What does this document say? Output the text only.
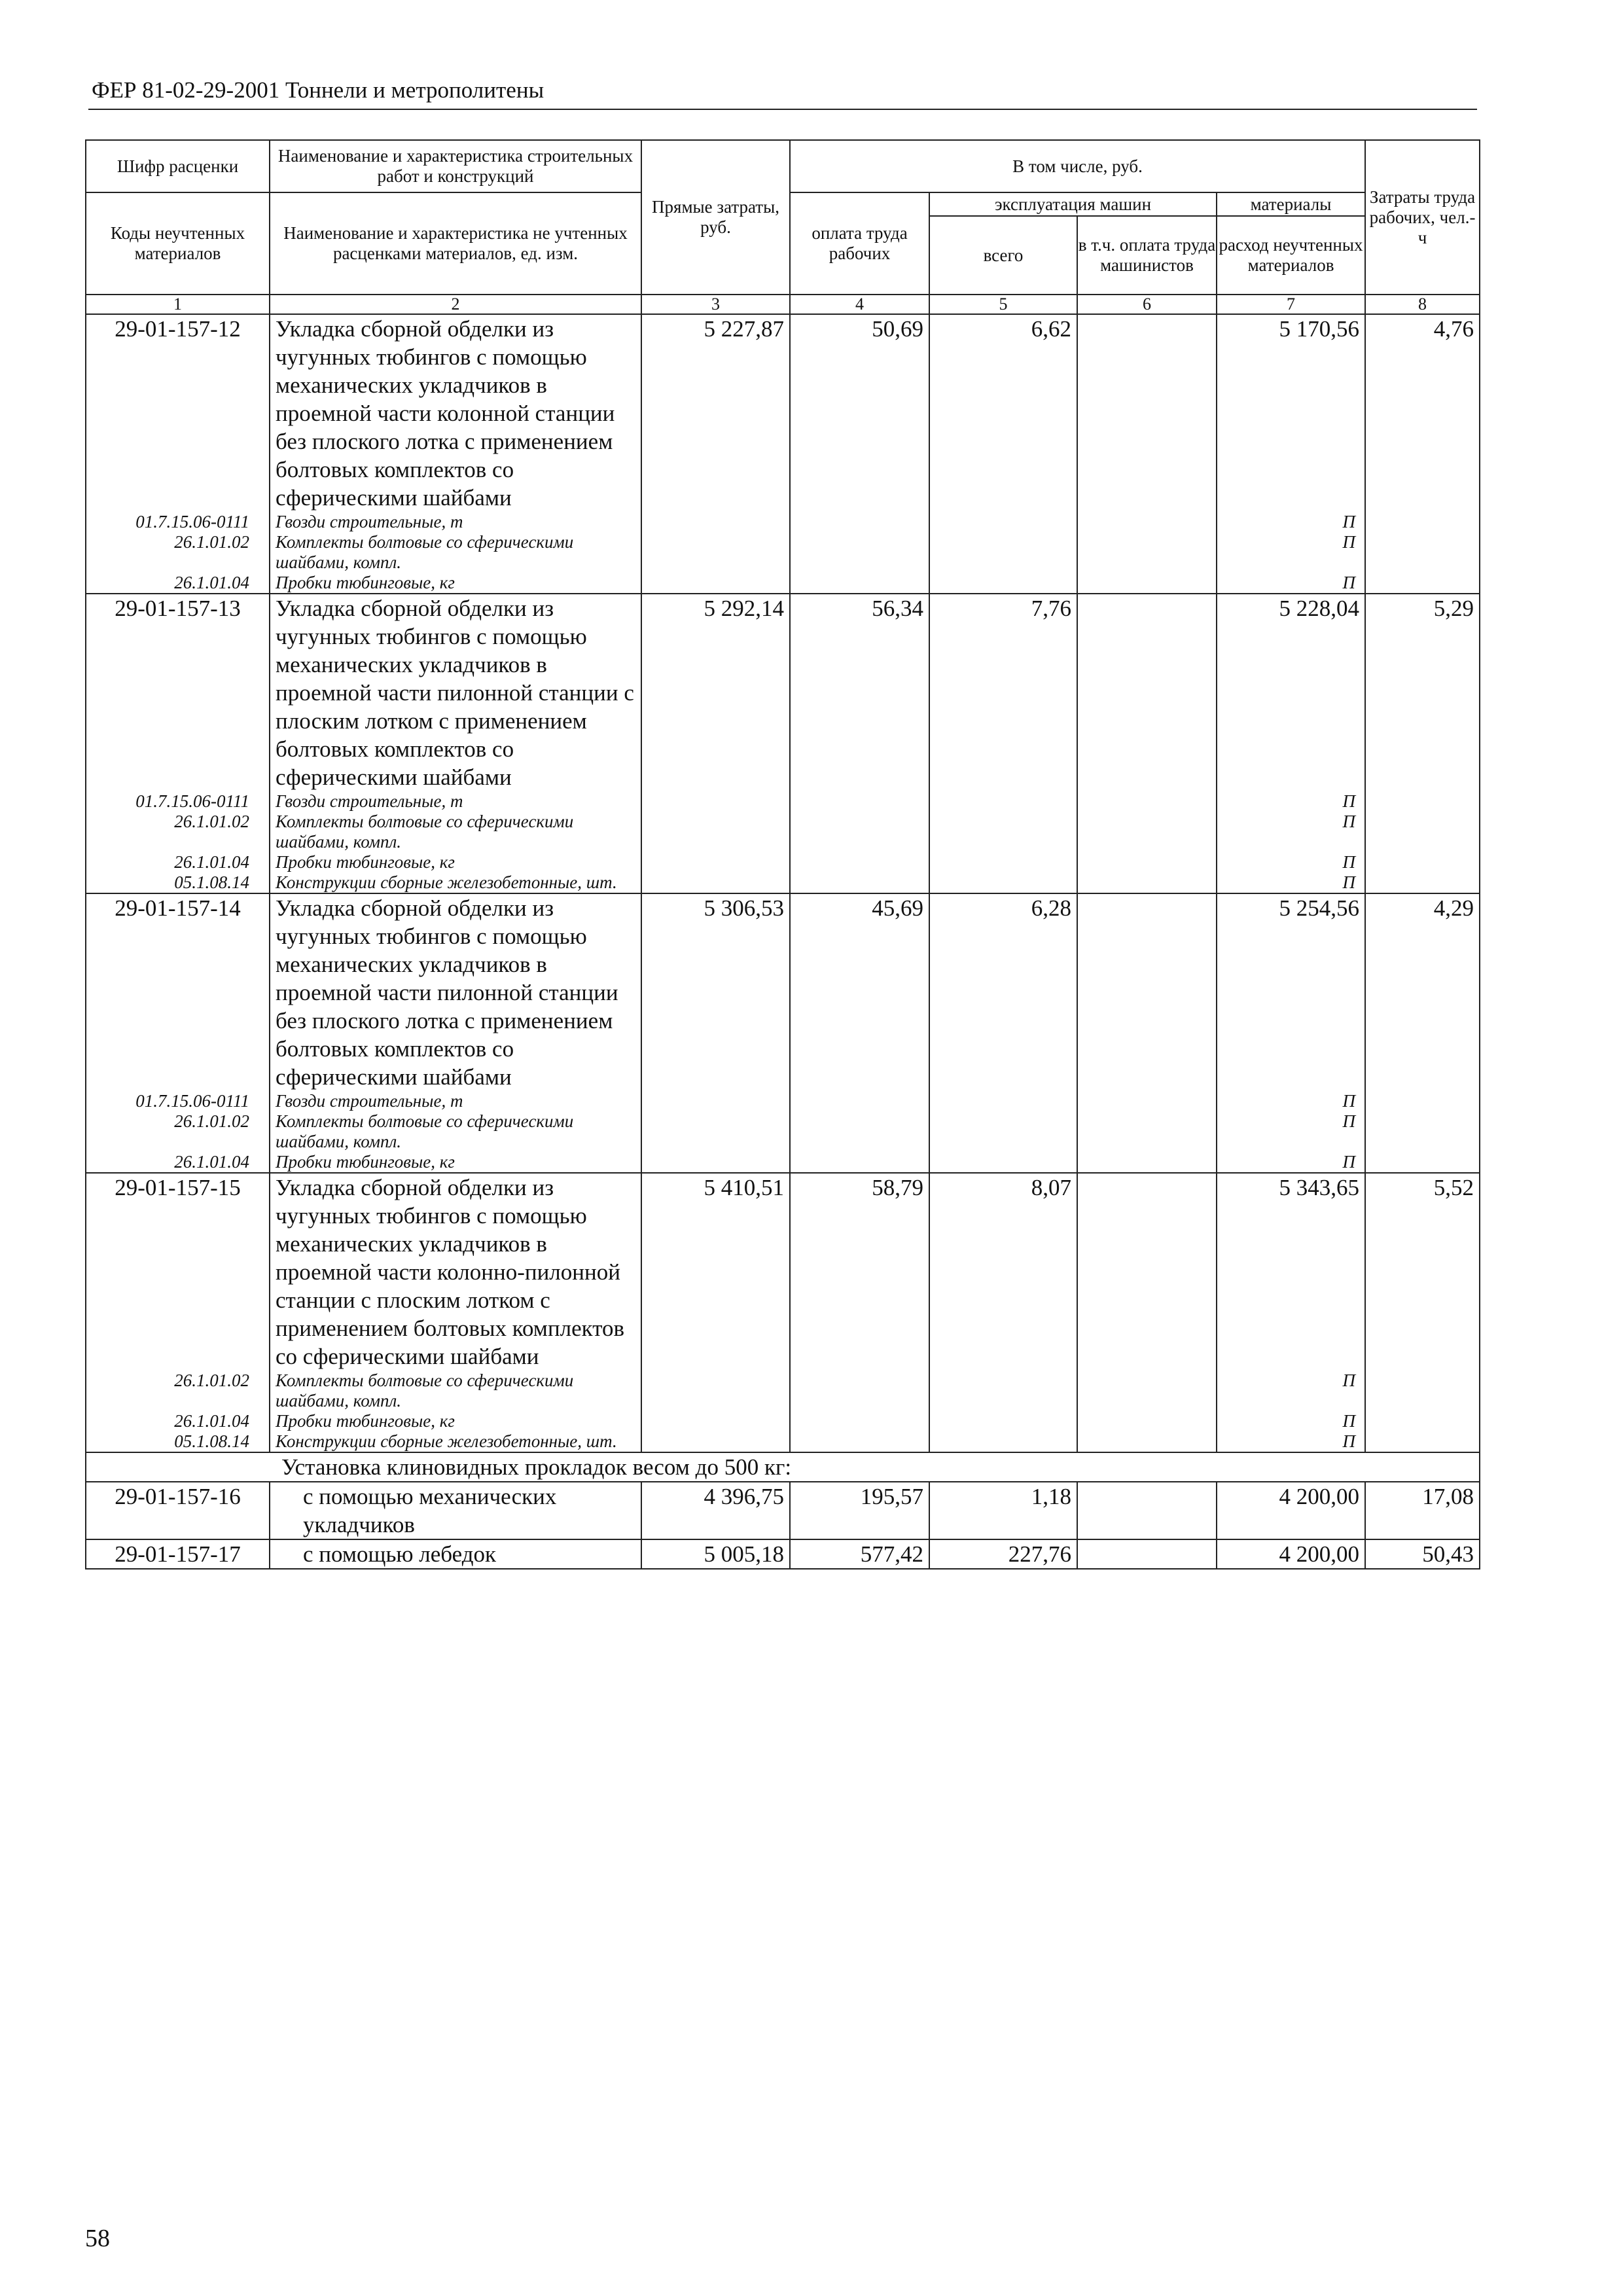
ФЕР 81-02-29-2001 Тоннели и метрополитены
Шифр расценки	Наименование и характеристика строительных работ и конструкций	Прямые затраты, руб.	В том числе, руб.				Затраты труда рабочих, чел.-ч
Коды неучтенных материалов	Наименование и характеристика не учтенных расценками материалов, ед. изм.		оплата труда рабочих	эксплуатация машин		материалы	
				всего	в т.ч. оплата труда машинистов	расход неучтенных материалов	
1	2	3	4	5	6	7	8
29-01-157-12	Укладка сборной обделки из чугунных тюбингов с помощью механических укладчиков в проемной части колонной станции без плоского лотка с применением болтовых комплектов со сферическими шайбами	5 227,87	50,69	6,62		5 170,56	4,76
01.7.15.06-0111	Гвозди строительные, т					П	
26.1.01.02	Комплекты болтовые со сферическими шайбами, компл.					П	
26.1.01.04	Пробки тюбинговые, кг					П	
29-01-157-13	Укладка сборной обделки из чугунных тюбингов с помощью механических укладчиков в проемной части пилонной станции с плоским лотком с применением болтовых комплектов со сферическими шайбами	5 292,14	56,34	7,76		5 228,04	5,29
01.7.15.06-0111	Гвозди строительные, т					П	
26.1.01.02	Комплекты болтовые со сферическими шайбами, компл.					П	
26.1.01.04	Пробки тюбинговые, кг					П	
05.1.08.14	Конструкции сборные железобетонные, шт.					П	
29-01-157-14	Укладка сборной обделки из чугунных тюбингов с помощью механических укладчиков в проемной части пилонной станции без плоского лотка с применением болтовых комплектов со сферическими шайбами	5 306,53	45,69	6,28		5 254,56	4,29
01.7.15.06-0111	Гвозди строительные, т					П	
26.1.01.02	Комплекты болтовые со сферическими шайбами, компл.					П	
26.1.01.04	Пробки тюбинговые, кг					П	
29-01-157-15	Укладка сборной обделки из чугунных тюбингов с помощью механических укладчиков в проемной части колонно-пилонной станции с плоским лотком с применением болтовых комплектов со сферическими шайбами	5 410,51	58,79	8,07		5 343,65	5,52
26.1.01.02	Комплекты болтовые со сферическими шайбами, компл.					П	
26.1.01.04	Пробки тюбинговые, кг					П	
05.1.08.14	Конструкции сборные железобетонные, шт.					П	
Установка клиновидных прокладок весом до 500 кг:							
29-01-157-16	с помощью механических укладчиков	4 396,75	195,57	1,18		4 200,00	17,08
29-01-157-17	с помощью лебедок	5 005,18	577,42	227,76		4 200,00	50,43
58
